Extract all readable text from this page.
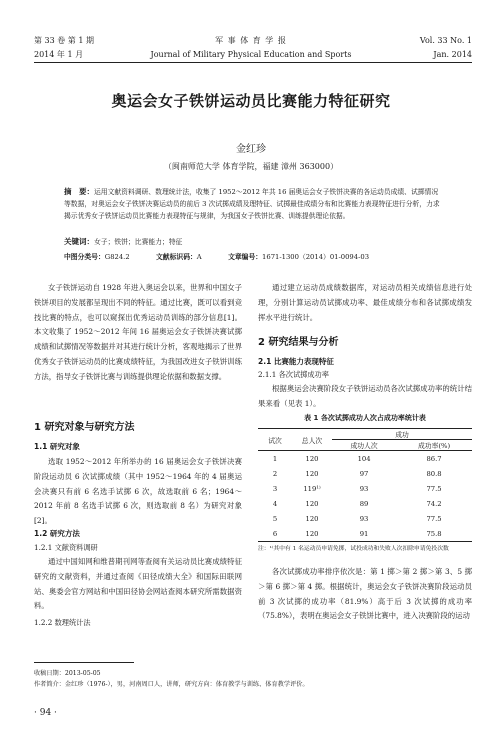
第 33 卷 第 1 期
2014 年 1 月
军 事 体 育 学 报
Journal of Military Physical Education and Sports
Vol. 33 No. 1
Jan. 2014
奥运会女子铁饼运动员比赛能力特征研究
金红珍
（闽南师范大学 体育学院，福建 漳州 363000）
摘　要：运用文献资料调研、数理统计法，收集了 1952～2012 年共 16 届奥运会女子铁饼决赛的各运动员成绩、试掷情况等数据，对奥运会女子铁饼决赛运动员的前后 3 次试掷成绩及理特征、试掷最佳成绩分布和比赛能力表现特征进行分析，力求揭示优秀女子铁饼运动员比赛能力表现特征与规律，为我国女子铁饼比赛、训练提供理论依据。
关键词：女子；铁饼；比赛能力；特征
中图分类号：G824.2	文献标识码：A	文章编号：1671-1300（2014）01-0094-03

女子铁饼运动自 1928 年进入奥运会以来，世界和中国女子铁饼项目的发展都呈现出不同的特征。通过比赛，既可以看到竞技比赛的特点，也可以窥探出优秀运动员训练的部分信息[1]。本文收集了 1952～2012 年间 16 届奥运会女子铁饼决赛试掷成绩和试掷情况等数据并对其进行统计分析，客观地揭示了世界优秀女子铁饼运动员的比赛成绩特征，为我国改进女子铁饼训练方法，指导女子铁饼比赛与训练提供理论依据和数据支撑。

1 研究对象与研究方法
1.1 研究对象

选取 1952～2012 年所举办的 16 届奥运会女子铁饼决赛阶段运动员 6 次试掷成绩（其中 1952～1964 年的 4 届奥运会决赛只有前 6 名选手试掷 6 次，故选取前 6 名；1964～2012 年前 8 名选手试掷 6 次，则选取前 8 名）为研究对象[2]。

1.2 研究方法
1.2.1 文献资料调研

通过中国知网和维普期刊网等查阅有关运动员比赛成绩特征研究的文献资料，并通过查阅《田径成绩大全》和国际田联网站、奥委会官方网站和中国田径协会网站查阅本研究所需数据资料。

1.2.2 数理统计法

通过建立运动员成绩数据库，对运动员相关成绩信息进行处理，分别计算运动员试掷成功率、最佳成绩分布和各试掷成绩发挥水平进行统计。

2 研究结果与分析
2.1 比赛能力表现特征
2.1.1 各次试掷成功率

根据奥运会决赛阶段女子铁饼运动员各次试掷成功率的统计结果来看（见表 1）。

表 1 各次试掷成功人次占成功率统计表
试次	总人次	成功	
		成功人次	成功率(%)
1	120	104	86.7
2	120	97	80.8
3	119¹⁾	93	77.5
4	120	89	74.2
5	120	93	77.5
6	120	91	75.8
注：¹⁾其中有 1 名运动员申请免掷，试投成功和失败人次扣除申请免投次数

各次试掷成功率排序依次是：第 1 掷＞第 2 掷＞第 3、5 掷＞第 6 掷＞第 4 掷。根据统计，奥运会女子铁饼决赛阶段运动员前 3 次试掷的成功率（81.9%）高于后 3 次试掷的成功率（75.8%），表明在奥运会女子铁饼比赛中，进入决赛阶段的运动

收稿日期：2013-05-05
作者简介：金红珍（1976-），男，河南周口人，讲师，研究方向：体育教学与训练、体育教学评价。
· 94 ·
